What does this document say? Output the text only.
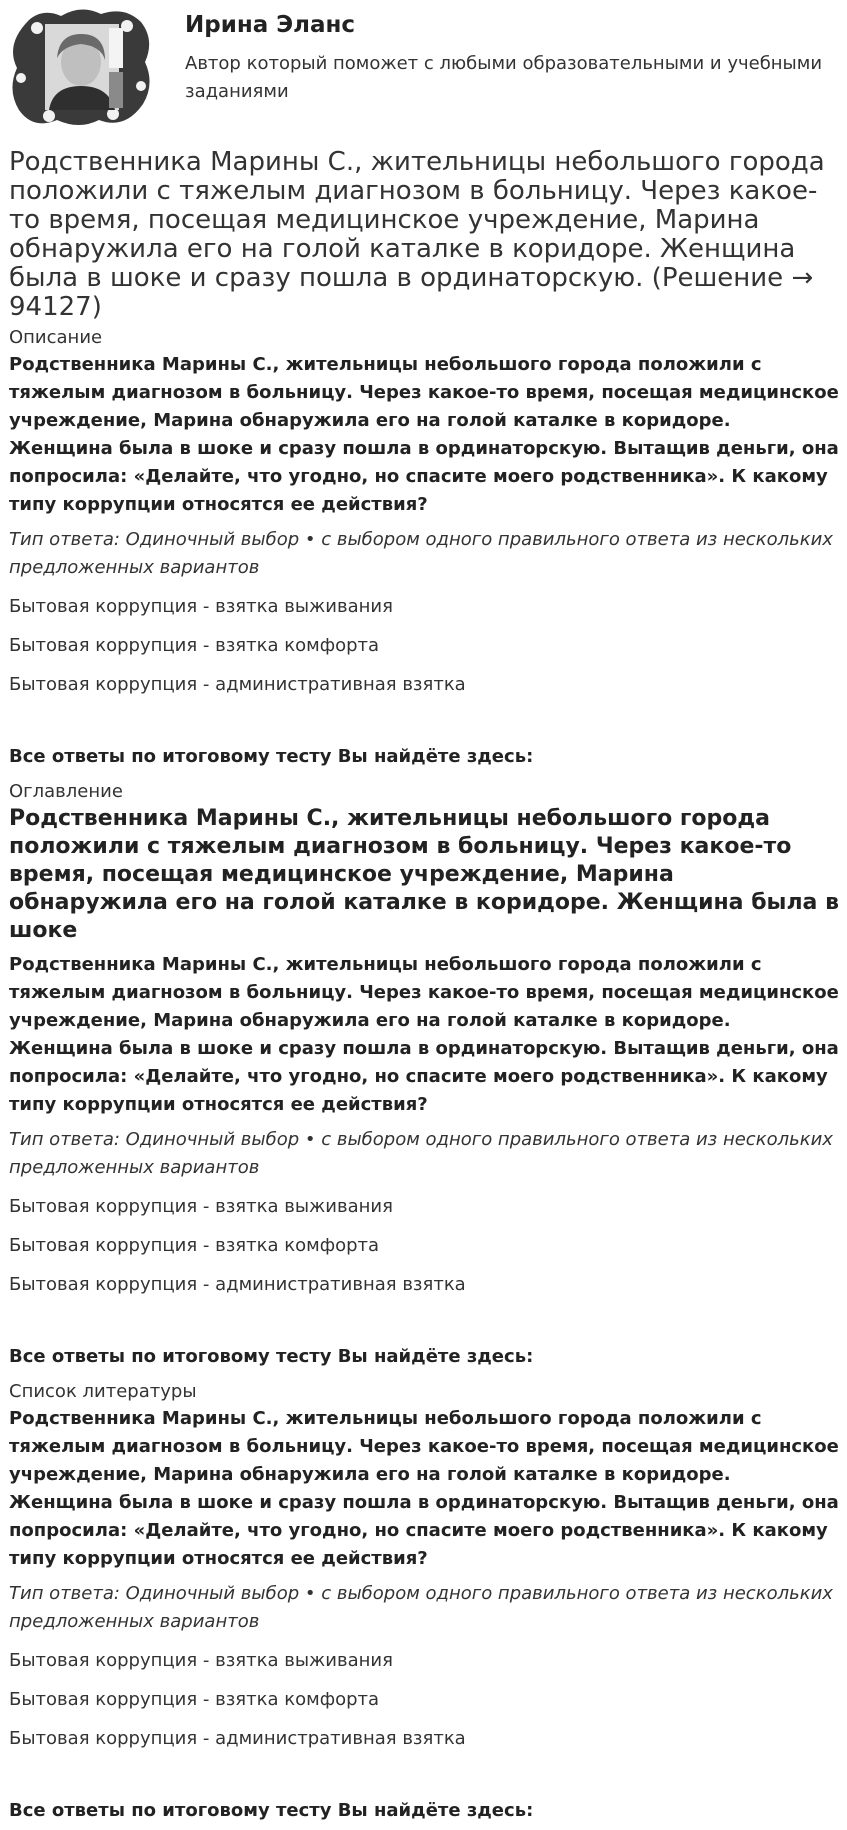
Ирина Эланс
Автор который поможет с любыми образовательными и учебными заданиями
Родственника Марины С., жительницы небольшого города положили с тяжелым диагнозом в больницу. Через какое-то время, посещая медицинское учреждение, Марина обнаружила его на голой каталке в коридоре. Женщина была в шоке и сразу пошла в ординаторскую. (Решение → 94127)
Описание
Родственника Марины С., жительницы небольшого города положили с тяжелым диагнозом в больницу. Через какое-то время, посещая медицинское учреждение, Марина обнаружила его на голой каталке в коридоре. Женщина была в шоке и сразу пошла в ординаторскую. Вытащив деньги, она попросила: «Делайте, что угодно, но спасите моего родственника». К какому типу коррупции относятся ее действия?
Тип ответа: Одиночный выбор • с выбором одного правильного ответа из нескольких предложенных вариантов
Бытовая коррупция - взятка выживания
Бытовая коррупция - взятка комфорта
Бытовая коррупция - административная взятка
Все ответы по итоговому тесту Вы найдёте здесь:
Оглавление
Родственника Марины С., жительницы небольшого города положили с тяжелым диагнозом в больницу. Через какое-то время, посещая медицинское учреждение, Марина обнаружила его на голой каталке в коридоре. Женщина была в шоке
Родственника Марины С., жительницы небольшого города положили с тяжелым диагнозом в больницу. Через какое-то время, посещая медицинское учреждение, Марина обнаружила его на голой каталке в коридоре. Женщина была в шоке и сразу пошла в ординаторскую. Вытащив деньги, она попросила: «Делайте, что угодно, но спасите моего родственника». К какому типу коррупции относятся ее действия?
Тип ответа: Одиночный выбор • с выбором одного правильного ответа из нескольких предложенных вариантов
Бытовая коррупция - взятка выживания
Бытовая коррупция - взятка комфорта
Бытовая коррупция - административная взятка
Все ответы по итоговому тесту Вы найдёте здесь:
Список литературы
Родственника Марины С., жительницы небольшого города положили с тяжелым диагнозом в больницу. Через какое-то время, посещая медицинское учреждение, Марина обнаружила его на голой каталке в коридоре. Женщина была в шоке и сразу пошла в ординаторскую. Вытащив деньги, она попросила: «Делайте, что угодно, но спасите моего родственника». К какому типу коррупции относятся ее действия?
Тип ответа: Одиночный выбор • с выбором одного правильного ответа из нескольких предложенных вариантов
Бытовая коррупция - взятка выживания
Бытовая коррупция - взятка комфорта
Бытовая коррупция - административная взятка
Все ответы по итоговому тесту Вы найдёте здесь:
